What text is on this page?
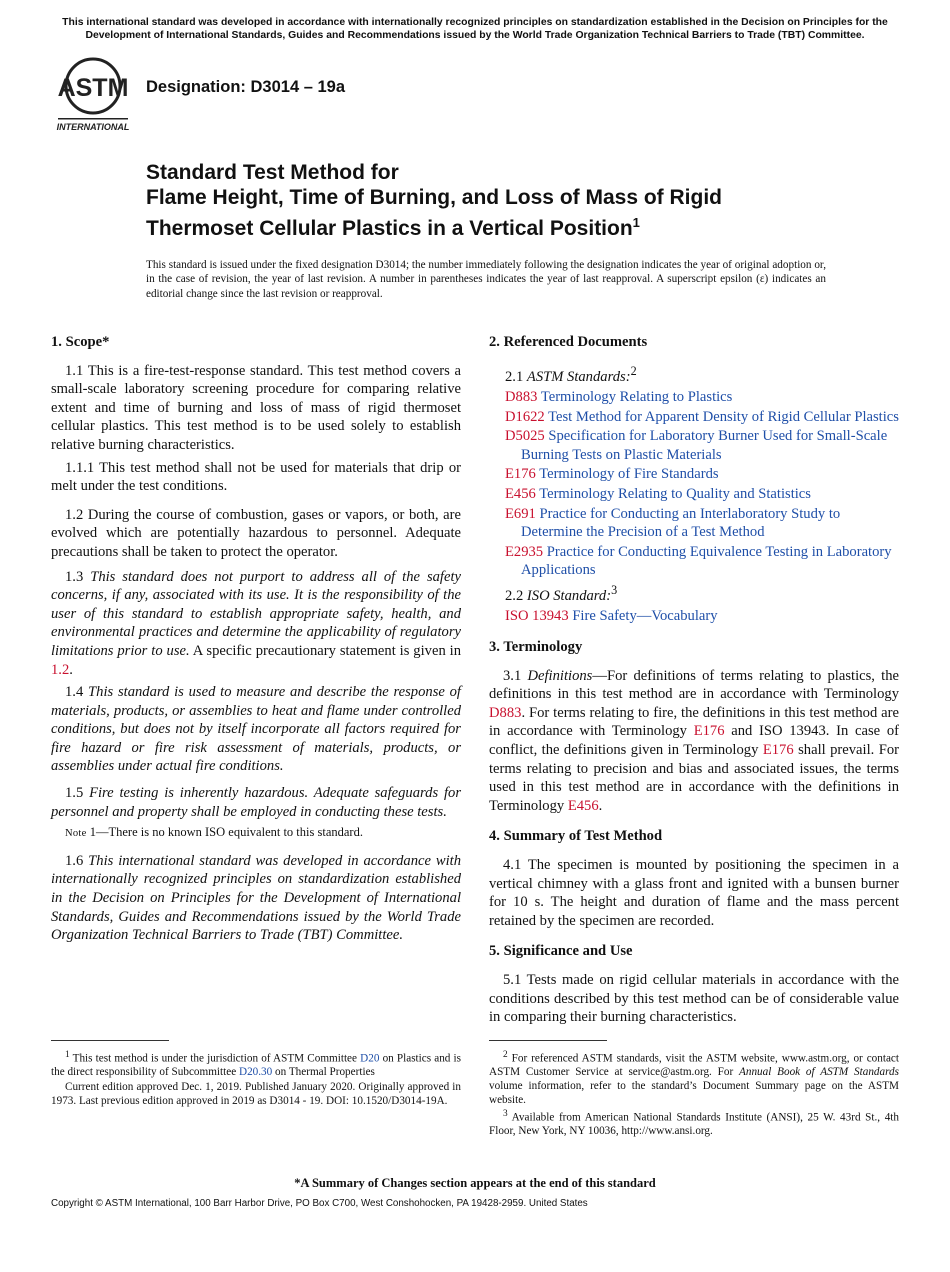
This international standard was developed in accordance with internationally recognized principles on standardization established in the Decision on Principles for the Development of International Standards, Guides and Recommendations issued by the World Trade Organization Technical Barriers to Trade (TBT) Committee.
ASTM
INTERNATIONAL
Designation: D3014 – 19a
Standard Test Method for
Flame Height, Time of Burning, and Loss of Mass of Rigid
Thermoset Cellular Plastics in a Vertical Position$^1$
This standard is issued under the fixed designation D3014; the number immediately following the designation indicates the year of original adoption or, in the case of revision, the year of last revision. A number in parentheses indicates the year of last reapproval. A superscript epsilon (ε) indicates an editorial change since the last revision or reapproval.
1. Scope*

1.1 This is a fire-test-response standard. This test method covers a small-scale laboratory screening procedure for comparing relative extent and time of burning and loss of mass of rigid thermoset cellular plastics. This test method is to be used solely to establish relative burning characteristics.

1.1.1 This test method shall not be used for materials that drip or melt under the test conditions.

1.2 During the course of combustion, gases or vapors, or both, are evolved which are potentially hazardous to personnel. Adequate precautions shall be taken to protect the operator.

1.3 This standard does not purport to address all of the safety concerns, if any, associated with its use. It is the responsibility of the user of this standard to establish appropriate safety, health, and environmental practices and determine the applicability of regulatory limitations prior to use. A specific precautionary statement is given in 1.2.

1.4 This standard is used to measure and describe the response of materials, products, or assemblies to heat and flame under controlled conditions, but does not by itself incorporate all factors required for fire hazard or fire risk assessment of materials, products, or assemblies under actual fire conditions.

1.5 Fire testing is inherently hazardous. Adequate safeguards for personnel and property shall be employed in conducting these tests.

Note 1—There is no known ISO equivalent to this standard.

1.6 This international standard was developed in accordance with internationally recognized principles on standardization established in the Decision on Principles for the Development of International Standards, Guides and Recommendations issued by the World Trade Organization Technical Barriers to Trade (TBT) Committee.

2. Referenced Documents
2.1 ASTM Standards:$^2$
D883 Terminology Relating to Plastics
D1622 Test Method for Apparent Density of Rigid Cellular Plastics
D5025 Specification for Laboratory Burner Used for Small-Scale Burning Tests on Plastic Materials
E176 Terminology of Fire Standards
E456 Terminology Relating to Quality and Statistics
E691 Practice for Conducting an Interlaboratory Study to Determine the Precision of a Test Method
E2935 Practice for Conducting Equivalence Testing in Laboratory Applications
2.2 ISO Standard:$^3$
ISO 13943 Fire Safety—Vocabulary
3. Terminology

3.1 Definitions—For definitions of terms relating to plastics, the definitions in this test method are in accordance with Terminology D883. For terms relating to fire, the definitions in this test method are in accordance with Terminology E176 and ISO 13943. In case of conflict, the definitions given in Terminology E176 shall prevail. For terms relating to precision and bias and associated issues, the terms used in this test method are in accordance with the definitions in Terminology E456.

4. Summary of Test Method

4.1 The specimen is mounted by positioning the specimen in a vertical chimney with a glass front and ignited with a bunsen burner for 10 s. The height and duration of flame and the mass percent retained by the specimen are recorded.

5. Significance and Use

5.1 Tests made on rigid cellular materials in accordance with the conditions described by this test method can be of considerable value in comparing their burning characteristics.

$^1$ This test method is under the jurisdiction of ASTM Committee D20 on Plastics and is the direct responsibility of Subcommittee D20.30 on Thermal Properties

Current edition approved Dec. 1, 2019. Published January 2020. Originally approved in 1973. Last previous edition approved in 2019 as D3014 - 19. DOI: 10.1520/D3014-19A.

$^2$ For referenced ASTM standards, visit the ASTM website, www.astm.org, or contact ASTM Customer Service at service@astm.org. For Annual Book of ASTM Standards volume information, refer to the standard’s Document Summary page on the ASTM website.

$^3$ Available from American National Standards Institute (ANSI), 25 W. 43rd St., 4th Floor, New York, NY 10036, http://www.ansi.org.

*A Summary of Changes section appears at the end of this standard
Copyright © ASTM International, 100 Barr Harbor Drive, PO Box C700, West Conshohocken, PA 19428-2959. United States
